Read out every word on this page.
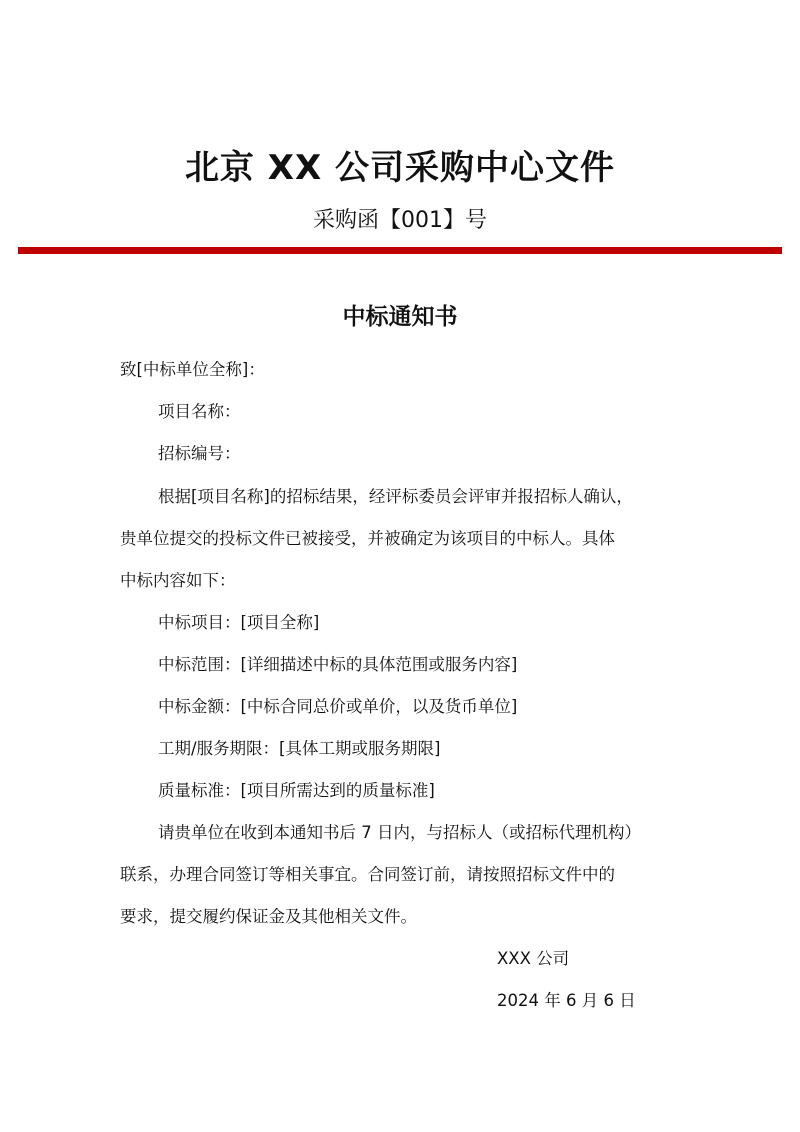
北京 XX 公司采购中心文件
采购函【001】号
中标通知书
致[中标单位全称]：
项目名称：
招标编号：
根据[项目名称]的招标结果，经评标委员会评审并报招标人确认，
贵单位提交的投标文件已被接受，并被确定为该项目的中标人。具体
中标内容如下：
中标项目：[项目全称]
中标范围：[详细描述中标的具体范围或服务内容]
中标金额：[中标合同总价或单价，以及货币单位]
工期/服务期限：[具体工期或服务期限]
质量标准：[项目所需达到的质量标准]
请贵单位在收到本通知书后 7 日内，与招标人（或招标代理机构）
联系，办理合同签订等相关事宜。合同签订前，请按照招标文件中的
要求，提交履约保证金及其他相关文件。
XXX 公司
2024 年 6 月 6 日
